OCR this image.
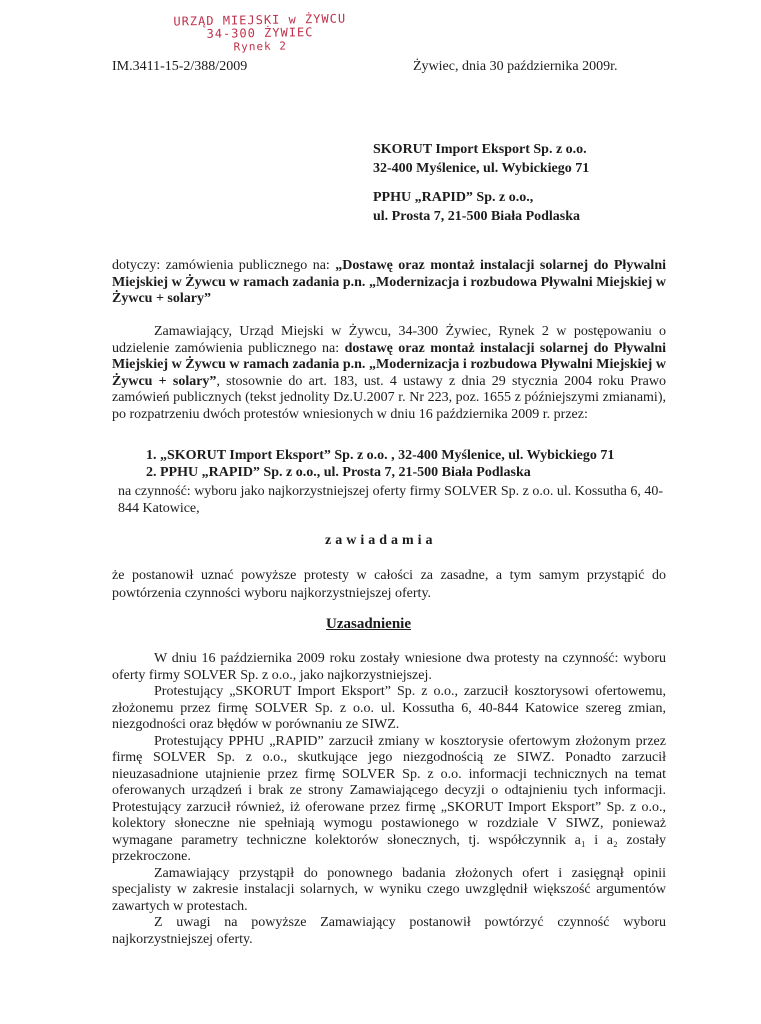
URZĄD MIEJSKI w ŻYWCU
34-300 ŻYWIEC
Rynek 2
IM.3411-15-2/388/2009	Żywiec, dnia 30 października 2009r.
SKORUT Import Eksport Sp. z o.o.
32-400 Myślenice, ul. Wybickiego 71
PPHU „RAPID” Sp. z o.o.,
ul. Prosta 7, 21-500 Biała Podlaska

dotyczy: zamówienia publicznego na: „Dostawę oraz montaż instalacji solarnej do Pływalni Miejskiej w Żywcu w ramach zadania p.n. „Modernizacja i rozbudowa Pływalni Miejskiej w Żywcu + solary”

Zamawiający, Urząd Miejski w Żywcu, 34-300 Żywiec, Rynek 2 w postępowaniu o udzielenie zamówienia publicznego na: dostawę oraz montaż instalacji solarnej do Pływalni Miejskiej w Żywcu w ramach zadania p.n. „Modernizacja i rozbudowa Pływalni Miejskiej w Żywcu + solary”, stosownie do art. 183, ust. 4 ustawy z dnia 29 stycznia 2004 roku Prawo zamówień publicznych (tekst jednolity Dz.U.2007 r. Nr 223, poz. 1655 z późniejszymi zmianami), po rozpatrzeniu dwóch protestów wniesionych w dniu 16 października 2009 r. przez:

1. „SKORUT Import Eksport” Sp. z o.o. , 32-400 Myślenice, ul. Wybickiego 71
2. PPHU „RAPID” Sp. z o.o., ul. Prosta 7, 21-500 Biała Podlaska
na czynność: wyboru jako najkorzystniejszej oferty firmy SOLVER Sp. z o.o. ul. Kossutha 6, 40-844 Katowice,
zawiadamia

że postanowił uznać powyższe protesty w całości za zasadne, a tym samym przystąpić do powtórzenia czynności wyboru najkorzystniejszej oferty.

Uzasadnienie

W dniu 16 października 2009 roku zostały wniesione dwa protesty na czynność: wyboru oferty firmy SOLVER Sp. z o.o., jako najkorzystniejszej.

Protestujący „SKORUT Import Eksport” Sp. z o.o., zarzucił kosztorysowi ofertowemu, złożonemu przez firmę SOLVER Sp. z o.o. ul. Kossutha 6, 40-844 Katowice szereg zmian, niezgodności oraz błędów w porównaniu ze SIWZ.

Protestujący PPHU „RAPID” zarzucił zmiany w kosztorysie ofertowym złożonym przez firmę SOLVER Sp. z o.o., skutkujące jego niezgodnością ze SIWZ. Ponadto zarzucił nieuzasadnione utajnienie przez firmę SOLVER Sp. z o.o. informacji technicznych na temat oferowanych urządzeń i brak ze strony Zamawiającego decyzji o odtajnieniu tych informacji. Protestujący zarzucił również, iż oferowane przez firmę „SKORUT Import Eksport” Sp. z o.o., kolektory słoneczne nie spełniają wymogu postawionego w rozdziale V SIWZ, ponieważ wymagane parametry techniczne kolektorów słonecznych, tj. współczynnik a₁ i a₂ zostały przekroczone.

Zamawiający przystąpił do ponownego badania złożonych ofert i zasięgnął opinii specjalisty w zakresie instalacji solarnych, w wyniku czego uwzględnił większość argumentów zawartych w protestach.

Z uwagi na powyższe Zamawiający postanowił powtórzyć czynność wyboru najkorzystniejszej oferty.
